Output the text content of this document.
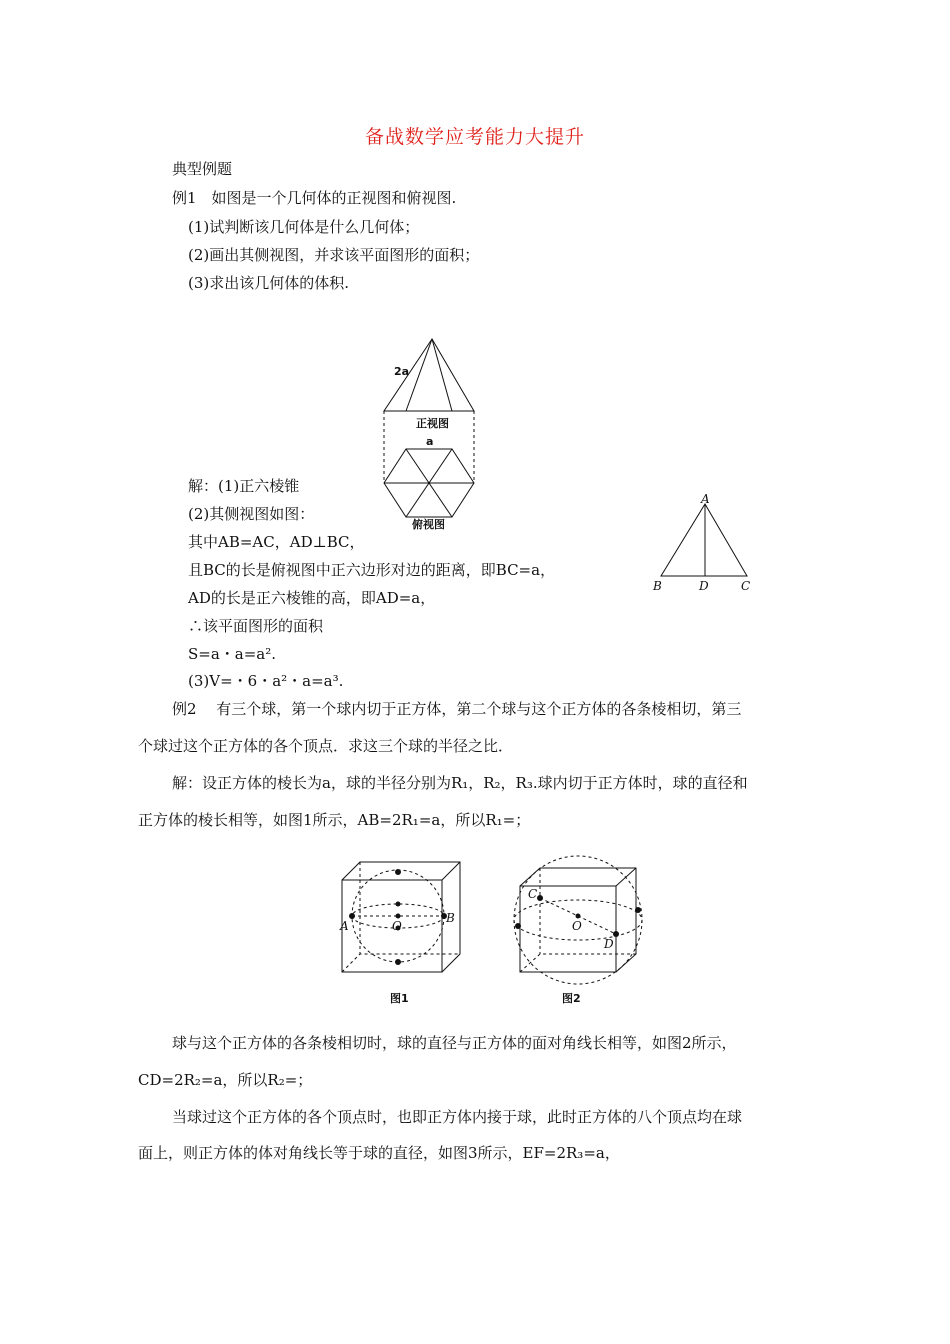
备战数学应考能力大提升
典型例题
例1　如图是一个几何体的正视图和俯视图.
(1)试判断该几何体是什么几何体；
(2)画出其侧视图，并求该平面图形的面积；
(3)求出该几何体的体积.
2a
正视图
a
俯视图
解：(1)正六棱锥
(2)其侧视图如图：
其中AB=AC，AD⊥BC，
且BC的长是俯视图中正六边形对边的距离，即BC=a，
AD的长是正六棱锥的高，即AD=a，
∴该平面图形的面积
S=a・a=a².
(3)V=・6・a²・a=a³.
A
B	D	C
例2　 有三个球，第一个球内切于正方体，第二个球与这个正方体的各条棱相切，第三
个球过这个正方体的各个顶点．求这三个球的半径之比．
解：设正方体的棱长为a，球的半径分别为R₁，R₂，R₃.球内切于正方体时，球的直径和
正方体的棱长相等，如图1所示，AB=2R₁=a，所以R₁=；
A
B
O
图1
C
O
D
图2
球与这个正方体的各条棱相切时，球的直径与正方体的面对角线长相等，如图2所示，
CD=2R₂=a，所以R₂=；
当球过这个正方体的各个顶点时，也即正方体内接于球，此时正方体的八个顶点均在球
面上，则正方体的体对角线长等于球的直径，如图3所示，EF=2R₃=a，
